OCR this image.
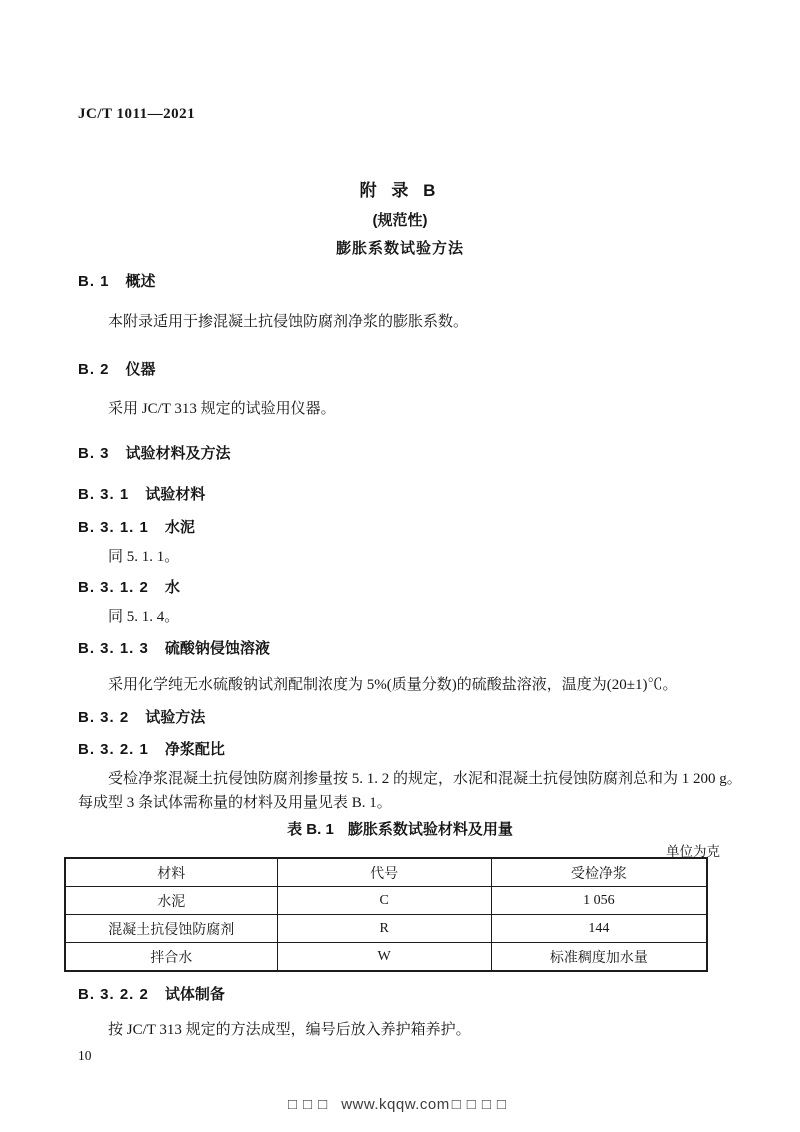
JC/T 1011—2021
附 录 B
(规范性)
膨胀系数试验方法
B. 1 概述
本附录适用于掺混凝土抗侵蚀防腐剂净浆的膨胀系数。
B. 2 仪器
采用 JC/T 313 规定的试验用仪器。
B. 3 试验材料及方法
B. 3. 1 试验材料
B. 3. 1. 1 水泥
同 5. 1. 1。
B. 3. 1. 2 水
同 5. 1. 4。
B. 3. 1. 3 硫酸钠侵蚀溶液
采用化学纯无水硫酸钠试剂配制浓度为 5%(质量分数)的硫酸盐溶液，温度为(20±1)℃。
B. 3. 2 试验方法
B. 3. 2. 1 净浆配比
受检净浆混凝土抗侵蚀防腐剂掺量按 5. 1. 2 的规定，水泥和混凝土抗侵蚀防腐剂总和为 1 200 g。
每成型 3 条试体需称量的材料及用量见表 B. 1。
表 B. 1 膨胀系数试验材料及用量
单位为克
材料	代号	受检净浆
水泥	C	1 056
混凝土抗侵蚀防腐剂	R	144
拌合水	W	标准稠度加水量
B. 3. 2. 2 试体制备
按 JC/T 313 规定的方法成型，编号后放入养护箱养护。
10
□□□ www.kqqw.com □□□□
